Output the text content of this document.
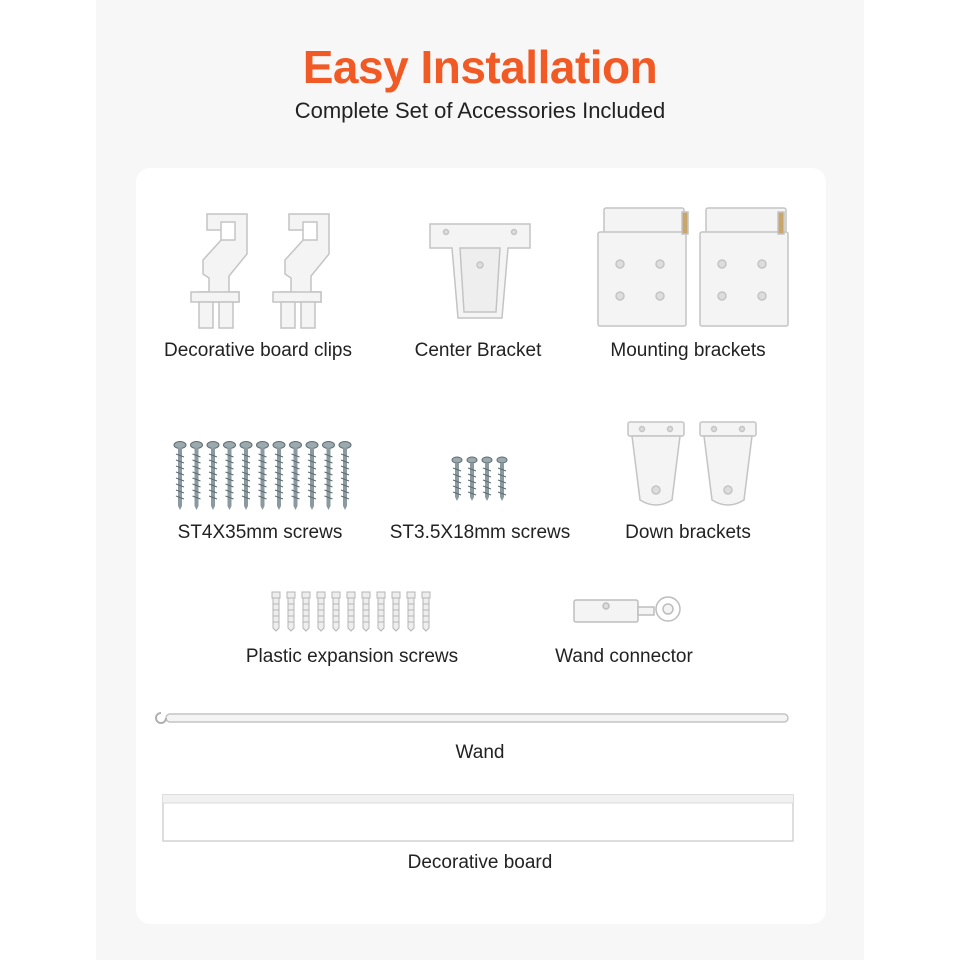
Easy Installation

Complete Set of Accessories Included

Decorative board clips	Center Bracket	Mounting brackets
ST4X35mm screws	ST3.5X18mm screws	Down brackets
Plastic expansion screws	Wand connector
Wand
Decorative board
